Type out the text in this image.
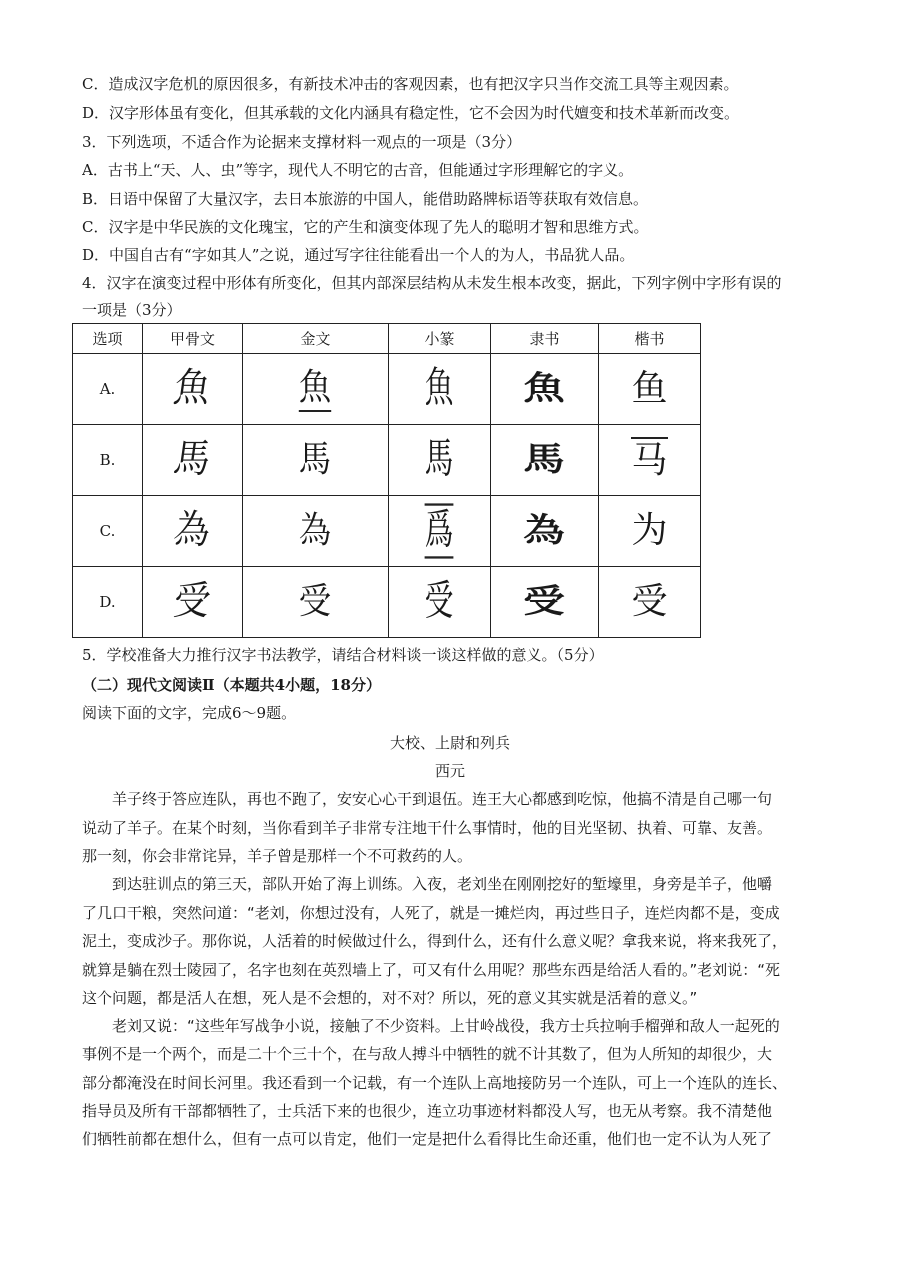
C．造成汉字危机的原因很多，有新技术冲击的客观因素，也有把汉字只当作交流工具等主观因素。
D．汉字形体虽有变化，但其承载的文化内涵具有稳定性，它不会因为时代嬗变和技术革新而改变。
3．下列选项，不适合作为论据来支撑材料一观点的一项是（3分）
A．古书上“天、人、虫”等字，现代人不明它的古音，但能通过字形理解它的字义。
B．日语中保留了大量汉字，去日本旅游的中国人，能借助路牌标语等获取有效信息。
C．汉字是中华民族的文化瑰宝，它的产生和演变体现了先人的聪明才智和思维方式。
D．中国自古有“字如其人”之说，通过写字往往能看出一个人的为人，书品犹人品。
4．汉字在演变过程中形体有所变化，但其内部深层结构从未发生根本改变，据此，下列字例中字形有误的
一项是（3分）
选项	甲骨文	金文	小篆	隶书	楷书
A.	魚	魚	魚	魚	鱼
B.	馬	馬	馬	馬	马
C.	為	為	爲	為	为
D.	受	受	受	受	受
5．学校准备大力推行汉字书法教学，请结合材料谈一谈这样做的意义。（5分）
（二）现代文阅读Ⅱ（本题共4小题，18分）
阅读下面的文字，完成6～9题。
大校、上尉和列兵
西元
　　羊子终于答应连队，再也不跑了，安安心心干到退伍。连王大心都感到吃惊，他搞不清是自己哪一句
说动了羊子。在某个时刻，当你看到羊子非常专注地干什么事情时，他的目光坚韧、执着、可靠、友善。
那一刻，你会非常诧异，羊子曾是那样一个不可救药的人。
　　到达驻训点的第三天，部队开始了海上训练。入夜，老刘坐在刚刚挖好的堑壕里，身旁是羊子，他嚼
了几口干粮，突然问道：“老刘，你想过没有，人死了，就是一摊烂肉，再过些日子，连烂肉都不是，变成
泥土，变成沙子。那你说，人活着的时候做过什么，得到什么，还有什么意义呢？拿我来说，将来我死了，
就算是躺在烈士陵园了，名字也刻在英烈墙上了，可又有什么用呢？那些东西是给活人看的。”老刘说：“死
这个问题，都是活人在想，死人是不会想的，对不对？所以，死的意义其实就是活着的意义。”
　　老刘又说：“这些年写战争小说，接触了不少资料。上甘岭战役，我方士兵拉响手榴弹和敌人一起死的
事例不是一个两个，而是二十个三十个，在与敌人搏斗中牺牲的就不计其数了，但为人所知的却很少，大
部分都淹没在时间长河里。我还看到一个记载，有一个连队上高地接防另一个连队，可上一个连队的连长、
指导员及所有干部都牺牲了，士兵活下来的也很少，连立功事迹材料都没人写，也无从考察。我不清楚他
们牺牲前都在想什么，但有一点可以肯定，他们一定是把什么看得比生命还重，他们也一定不认为人死了
